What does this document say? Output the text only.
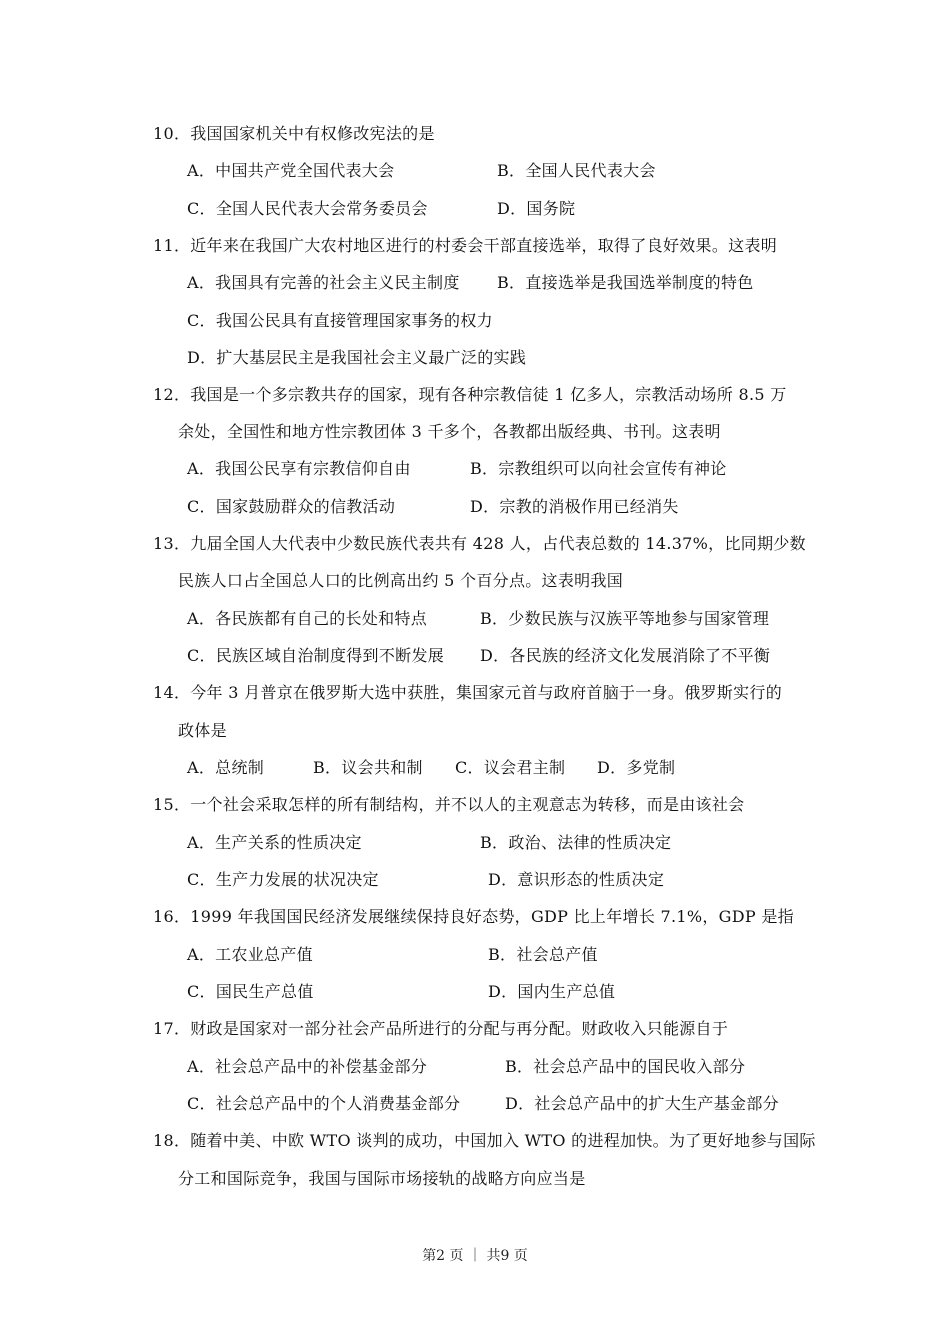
10．我国国家机关中有权修改宪法的是
A．中国共产党全国代表大会	B．全国人民代表大会
C．全国人民代表大会常务委员会	D．国务院
11．近年来在我国广大农村地区进行的村委会干部直接选举，取得了良好效果。这表明
A．我国具有完善的社会主义民主制度 B．直接选举是我国选举制度的特色
C．我国公民具有直接管理国家事务的权力
D．扩大基层民主是我国社会主义最广泛的实践
12．我国是一个多宗教共存的国家，现有各种宗教信徒 1 亿多人，宗教活动场所 8.5 万
余处，全国性和地方性宗教团体 3 千多个，各教都出版经典、书刊。这表明
A．我国公民享有宗教信仰自由	B．宗教组织可以向社会宣传有神论
C．国家鼓励群众的信教活动	D．宗教的消极作用已经消失
13．九届全国人大代表中少数民族代表共有 428 人，占代表总数的 14.37%，比同期少数
民族人口占全国总人口的比例高出约 5 个百分点。这表明我国
A．各民族都有自己的长处和特点	B．少数民族与汉族平等地参与国家管理
C．民族区域自治制度得到不断发展 D．各民族的经济文化发展消除了不平衡
14．今年 3 月普京在俄罗斯大选中获胜，集国家元首与政府首脑于一身。俄罗斯实行的
政体是
A．总统制	B．议会共和制 C．议会君主制 D．多党制
15．一个社会采取怎样的所有制结构，并不以人的主观意志为转移，而是由该社会
A．生产关系的性质决定	B．政治、法律的性质决定
C．生产力发展的状况决定	D．意识形态的性质决定
16．1999 年我国国民经济发展继续保持良好态势，GDP 比上年增长 7.1%，GDP 是指
A．工农业总产值	B．社会总产值
C．国民生产总值	D．国内生产总值
17．财政是国家对一部分社会产品所进行的分配与再分配。财政收入只能源自于
A．社会总产品中的补偿基金部分	B．社会总产品中的国民收入部分
C．社会总产品中的个人消费基金部分	D．社会总产品中的扩大生产基金部分
18．随着中美、中欧 WTO 谈判的成功，中国加入 WTO 的进程加快。为了更好地参与国际
分工和国际竞争，我国与国际市场接轨的战略方向应当是
第2 页 ｜ 共9 页
